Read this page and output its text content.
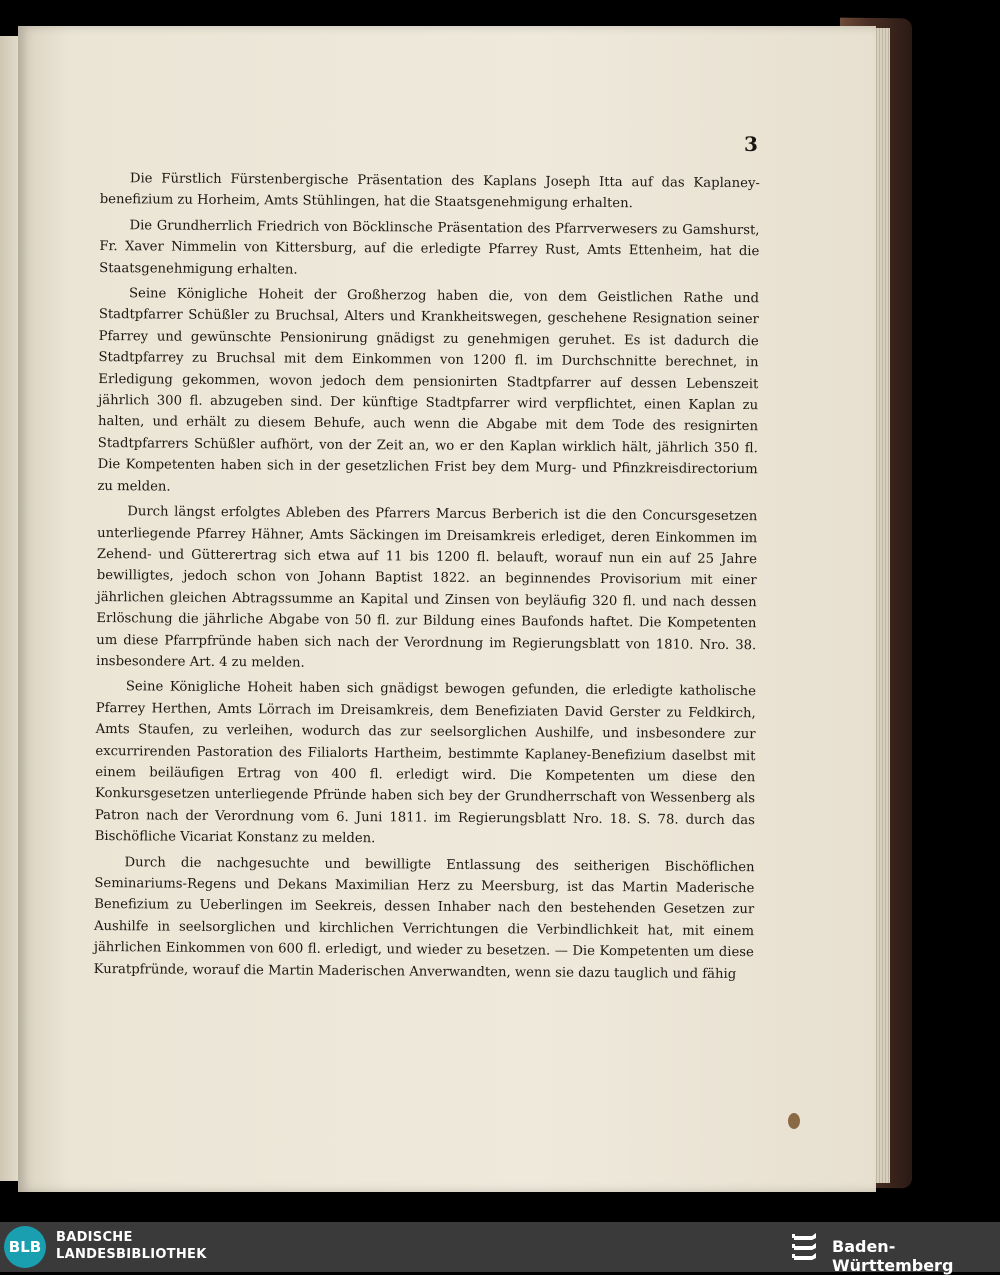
3

Die Fürstlich Fürstenbergische Präsentation des Kaplans Joseph Itta auf das Kaplaney-benefizium zu Horheim, Amts Stühlingen, hat die Staatsgenehmigung erhalten.

Die Grundherrlich Friedrich von Böcklinsche Präsentation des Pfarrverwesers zu Gamshurst, Fr. Xaver Nimmelin von Kittersburg, auf die erledigte Pfarrey Rust, Amts Ettenheim, hat die Staatsgenehmigung erhalten.

Seine Königliche Hoheit der Großherzog haben die, von dem Geistlichen Rathe und Stadtpfarrer Schüßler zu Bruchsal, Alters und Krankheitswegen, geschehene Resignation seiner Pfarrey und gewünschte Pensionirung gnädigst zu genehmigen geruhet. Es ist dadurch die Stadtpfarrey zu Bruchsal mit dem Einkommen von 1200 fl. im Durchschnitte berechnet, in Erledigung gekommen, wovon jedoch dem pensionirten Stadtpfarrer auf dessen Lebenszeit jährlich 300 fl. abzugeben sind. Der künftige Stadtpfarrer wird verpflichtet, einen Kaplan zu halten, und erhält zu diesem Behufe, auch wenn die Abgabe mit dem Tode des resignirten Stadtpfarrers Schüßler aufhört, von der Zeit an, wo er den Kaplan wirklich hält, jährlich 350 fl. Die Kompetenten haben sich in der gesetzlichen Frist bey dem Murg- und Pfinzkreisdirectorium zu melden.

Durch längst erfolgtes Ableben des Pfarrers Marcus Berberich ist die den Concursgesetzen unterliegende Pfarrey Hähner, Amts Säckingen im Dreisamkreis erlediget, deren Einkommen im Zehend- und Gütterertrag sich etwa auf 11 bis 1200 fl. belauft, worauf nun ein auf 25 Jahre bewilligtes, jedoch schon von Johann Baptist 1822. an beginnendes Provisorium mit einer jährlichen gleichen Abtragssumme an Kapital und Zinsen von beyläufig 320 fl. und nach dessen Erlöschung die jährliche Abgabe von 50 fl. zur Bildung eines Baufonds haftet. Die Kompetenten um diese Pfarrpfründe haben sich nach der Verordnung im Regierungsblatt von 1810. Nro. 38. insbesondere Art. 4 zu melden.

Seine Königliche Hoheit haben sich gnädigst bewogen gefunden, die erledigte katholische Pfarrey Herthen, Amts Lörrach im Dreisamkreis, dem Benefiziaten David Gerster zu Feldkirch, Amts Staufen, zu verleihen, wodurch das zur seelsorglichen Aushilfe, und insbesondere zur excurrirenden Pastoration des Filialorts Hartheim, bestimmte Kaplaney-Benefizium daselbst mit einem beiläufigen Ertrag von 400 fl. erledigt wird. Die Kompetenten um diese den Konkursgesetzen unterliegende Pfründe haben sich bey der Grundherrschaft von Wessenberg als Patron nach der Verordnung vom 6. Juni 1811. im Regierungsblatt Nro. 18. S. 78. durch das Bischöfliche Vicariat Konstanz zu melden.

Durch die nachgesuchte und bewilligte Entlassung des seitherigen Bischöflichen Seminariums-Regens und Dekans Maximilian Herz zu Meersburg, ist das Martin Maderische Benefizium zu Ueberlingen im Seekreis, dessen Inhaber nach den bestehenden Gesetzen zur Aushilfe in seelsorglichen und kirchlichen Verrichtungen die Verbindlichkeit hat, mit einem jährlichen Einkommen von 600 fl. erledigt, und wieder zu besetzen. — Die Kompetenten um diese Kuratpfründe, worauf die Martin Maderischen Anverwandten, wenn sie dazu tauglich und fähig

BLB
BADISCHE
LANDESBIBLIOTHEK	Baden-Württemberg
